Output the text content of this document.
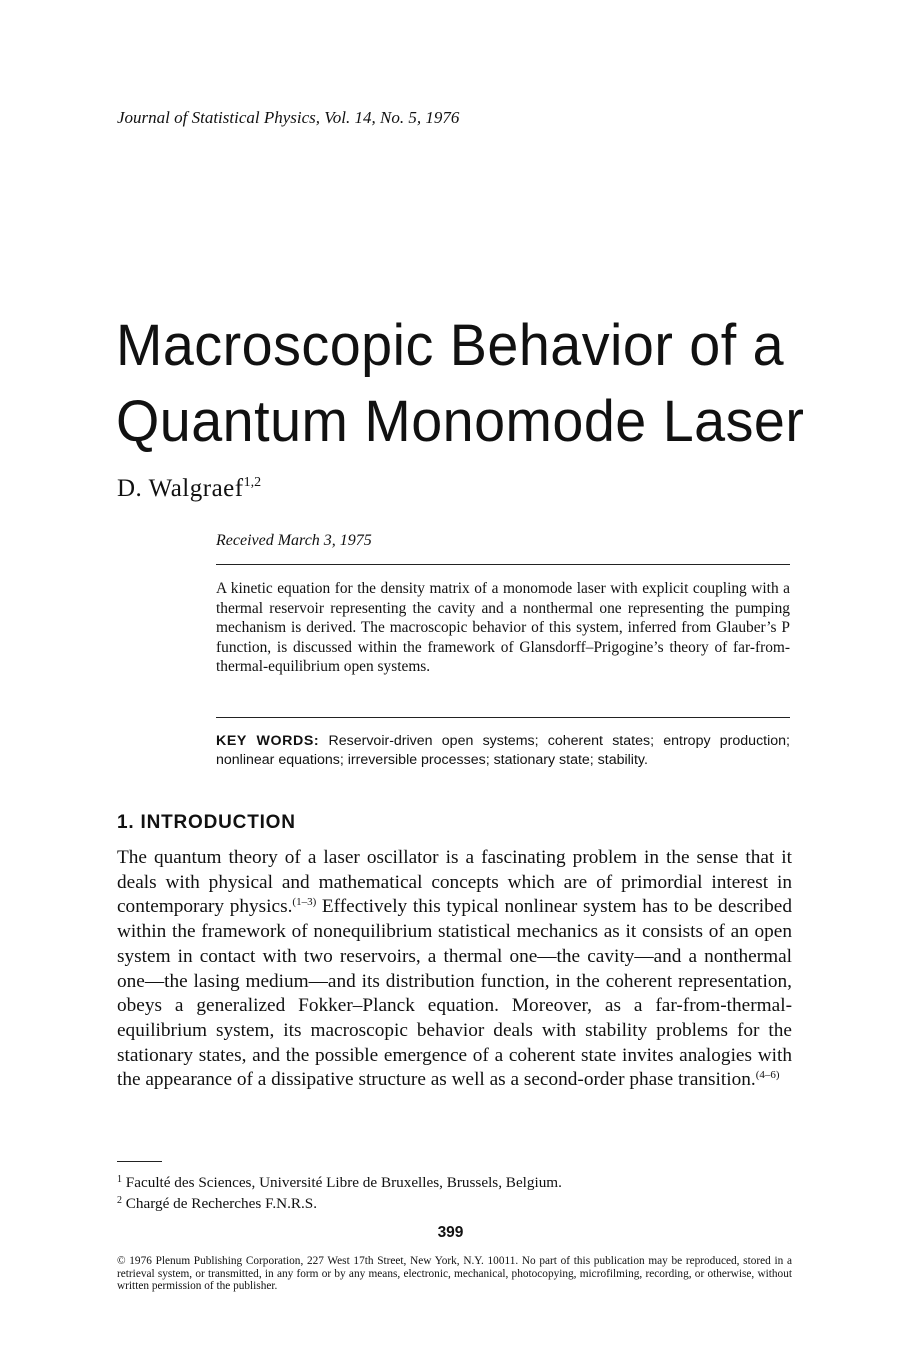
Journal of Statistical Physics, Vol. 14, No. 5, 1976
Macroscopic Behavior of a
Quantum Monomode Laser
D. Walgraef$^{1,2}$
Received March 3, 1975
A kinetic equation for the density matrix of a monomode laser with explicit coupling with a thermal reservoir representing the cavity and a nonthermal one representing the pumping mechanism is derived. The macroscopic behavior of this system, inferred from Glauber’s P function, is discussed within the framework of Glansdorff–Prigogine’s theory of far-from-thermal-equilibrium open systems.
KEY WORDS: Reservoir-driven open systems; coherent states; entropy production; nonlinear equations; irreversible processes; stationary state; stability.
1. INTRODUCTION
The quantum theory of a laser oscillator is a fascinating problem in the sense that it deals with physical and mathematical concepts which are of primordial interest in contemporary physics.$^{(1-3)}$ Effectively this typical nonlinear system has to be described within the framework of nonequilibrium statistical mechanics as it consists of an open system in contact with two reservoirs, a thermal one—the cavity—and a nonthermal one—the lasing medium—and its distribution function, in the coherent representation, obeys a generalized Fokker–Planck equation. Moreover, as a far-from-thermal-equilibrium system, its macroscopic behavior deals with stability problems for the stationary states, and the possible emergence of a coherent state invites analogies with the appearance of a dissipative structure as well as a second-order phase transition.$^{(4-6)}$
$^1$ Faculté des Sciences, Université Libre de Bruxelles, Brussels, Belgium.
$^2$ Chargé de Recherches F.N.R.S.
399
© 1976 Plenum Publishing Corporation, 227 West 17th Street, New York, N.Y. 10011. No part of this publication may be reproduced, stored in a retrieval system, or transmitted, in any form or by any means, electronic, mechanical, photocopying, microfilming, recording, or otherwise, without written permission of the publisher.
